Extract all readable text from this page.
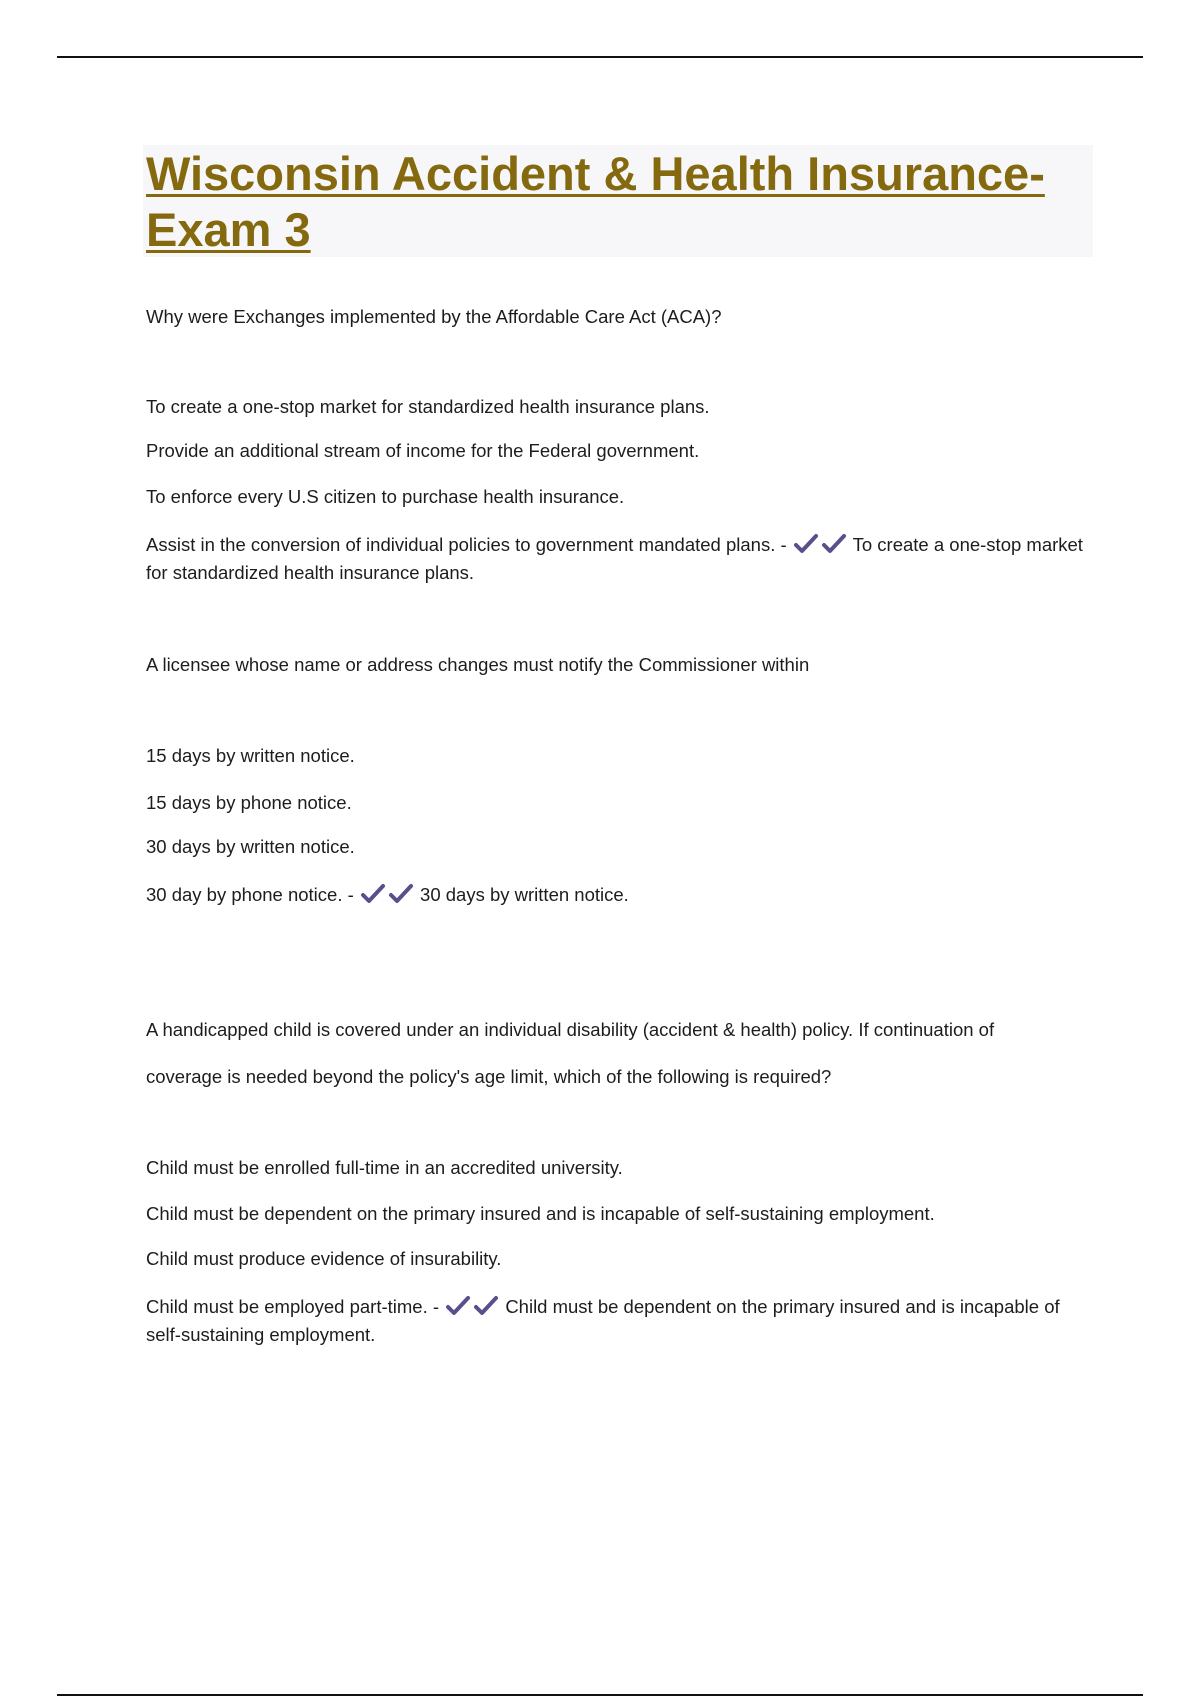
Wisconsin Accident & Health Insurance- Exam 3

Why were Exchanges implemented by the Affordable Care Act (ACA)?

To create a one-stop market for standardized health insurance plans.

Provide an additional stream of income for the Federal government.

To enforce every U.S citizen to purchase health insurance.

Assist in the conversion of individual policies to government mandated plans. -	To create a one-stop market for standardized health insurance plans.

A licensee whose name or address changes must notify the Commissioner within

15 days by written notice.

15 days by phone notice.

30 days by written notice.

30 day by phone notice. -	30 days by written notice.

A handicapped child is covered under an individual disability (accident & health) policy. If continuation of

coverage is needed beyond the policy's age limit, which of the following is required?

Child must be enrolled full-time in an accredited university.

Child must be dependent on the primary insured and is incapable of self-sustaining employment.

Child must produce evidence of insurability.

Child must be employed part-time. -	Child must be dependent on the primary insured and is incapable of self-sustaining employment.
